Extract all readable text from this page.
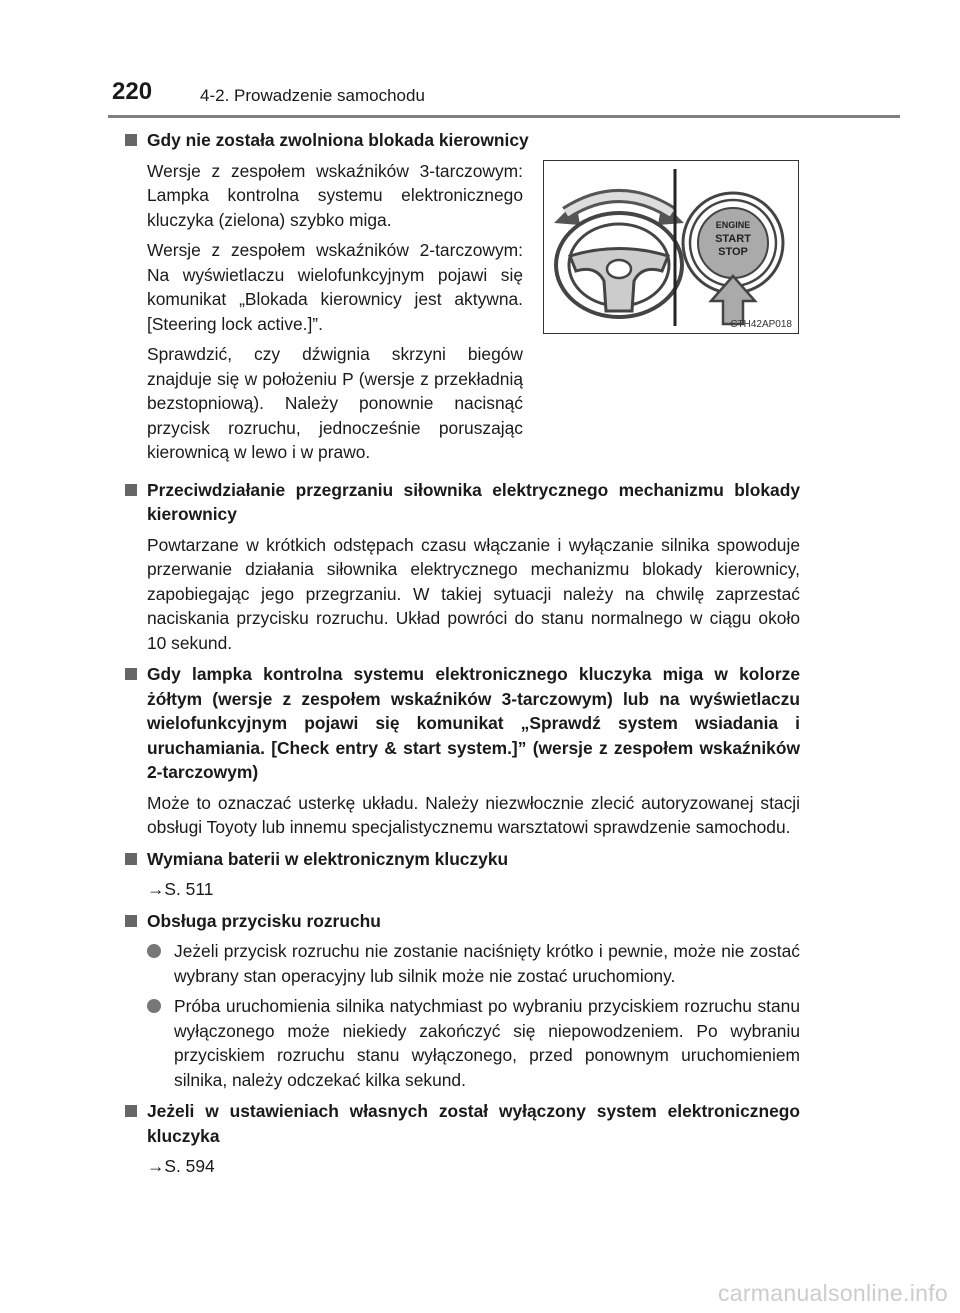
220	4-2. Prowadzenie samochodu
ENGINE
START
STOP
CTH42AP018
Gdy nie została zwolniona blokada kierownicy

Wersje z zespołem wskaźników 3-tarczowym: Lampka kontrolna systemu elektronicznego kluczyka (zielona) szybko miga.

Wersje z zespołem wskaźników 2-tarczowym: Na wyświetlaczu wielofunkcyjnym pojawi się komunikat „Blokada kierownicy jest aktywna. [Steering lock active.]”.

Sprawdzić, czy dźwignia skrzyni biegów znajduje się w położeniu P (wersje z przekładnią bezstopniową). Należy ponownie nacisnąć przycisk rozruchu, jednocześnie poruszając kierownicą w lewo i w prawo.

Przeciwdziałanie przegrzaniu siłownika elektrycznego mechanizmu blokady kierownicy

Powtarzane w krótkich odstępach czasu włączanie i wyłączanie silnika spowoduje przerwanie działania siłownika elektrycznego mechanizmu blokady kierownicy, zapobiegając jego przegrzaniu. W takiej sytuacji należy na chwilę zaprzestać naciskania przycisku rozruchu. Układ powróci do stanu normalnego w ciągu około 10 sekund.

Gdy lampka kontrolna systemu elektronicznego kluczyka miga w kolorze żółtym (wersje z zespołem wskaźników 3-tarczowym) lub na wyświetlaczu wielofunkcyjnym pojawi się komunikat „Sprawdź system wsiadania i uruchamiania. [Check entry & start system.]” (wersje z zespołem wskaźników 2-tarczowym)

Może to oznaczać usterkę układu. Należy niezwłocznie zlecić autoryzowanej stacji obsługi Toyoty lub innemu specjalistycznemu warsztatowi sprawdzenie samochodu.

Wymiana baterii w elektronicznym kluczyku
→S. 511
Obsługa przycisku rozruchu
Jeżeli przycisk rozruchu nie zostanie naciśnięty krótko i pewnie, może nie zostać wybrany stan operacyjny lub silnik może nie zostać uruchomiony.
Próba uruchomienia silnika natychmiast po wybraniu przyciskiem rozruchu stanu wyłączonego może niekiedy zakończyć się niepowodzeniem. Po wybraniu przyciskiem rozruchu stanu wyłączonego, przed ponownym uruchomieniem silnika, należy odczekać kilka sekund.
Jeżeli w ustawieniach własnych został wyłączony system elektronicznego kluczyka
→S. 594
carmanualsonline.info
